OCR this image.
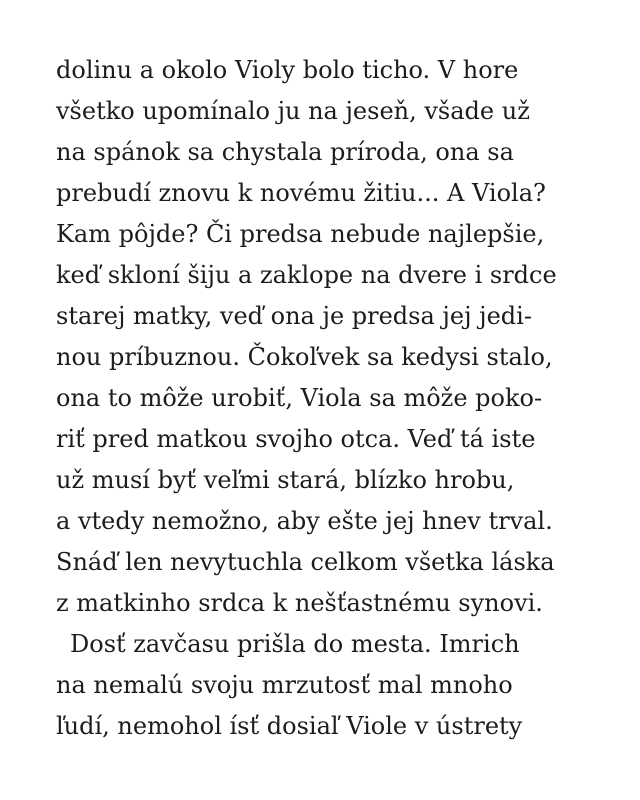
dolinu a okolo Violy bolo ticho. V hore
všetko upomínalo ju na jeseň, všade už
na spánok sa chystala príroda, ona sa
prebudí znovu k novému žitiu... A Viola?
Kam pôjde? Či predsa nebude najlepšie,
keď skloní šiju a zaklope na dvere i srdce
starej matky, veď ona je predsa jej jedi-
nou príbuznou. Čokoľvek sa kedysi stalo,
ona to môže urobiť, Viola sa môže poko-
riť pred matkou svojho otca. Veď tá iste
už musí byť veľmi stará, blízko hrobu,
a vtedy nemožno, aby ešte jej hnev trval.
Snáď len nevytuchla celkom všetka láska
z matkinho srdca k nešťastnému synovi.
Dosť zavčasu prišla do mesta. Imrich
na nemalú svoju mrzutosť mal mnoho
ľudí, nemohol ísť dosiaľ Viole v ústrety
